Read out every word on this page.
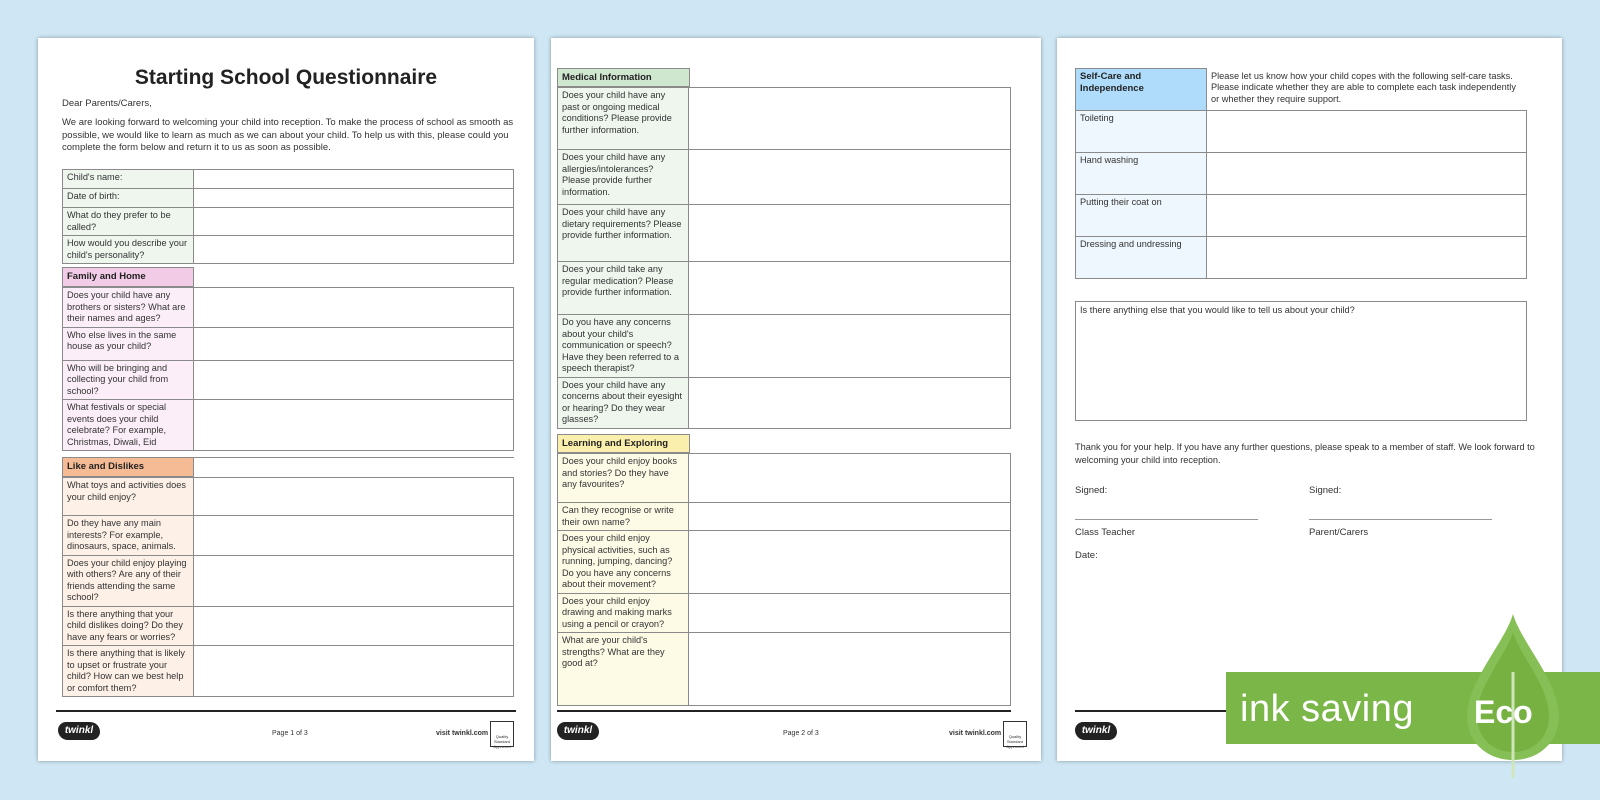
Starting School Questionnaire
Dear Parents/Carers,
We are looking forward to welcoming your child into reception. To make the process of school as smooth as possible, we would like to learn as much as we can about your child. To help us with this, please could you complete the form below and return it to us as soon as possible.
Child's name:	
Date of birth:	
What do they prefer to be called?	
How would you describe your child's personality?	
Family and Home
Does your child have any brothers or sisters? What are their names and ages?	
Who else lives in the same house as your child?	
Who will be bringing and collecting your child from school?	
What festivals or special events does your child celebrate? For example, Christmas, Diwali, Eid	
Like and Dislikes
What toys and activities does your child enjoy?	
Do they have any main interests? For example, dinosaurs, space, animals.	
Does your child enjoy playing with others? Are any of their friends attending the same school?	
Is there anything that your child dislikes doing? Do they have any fears or worries?	
Is there anything that is likely to upset or frustrate your child? How can we best help or comfort them?	
twinkl	Page 1 of 3	visit twinkl.com	Quality Standard Approved
Medical Information
Does your child have any past or ongoing medical conditions? Please provide further information.	
Does your child have any allergies/intolerances? Please provide further information.	
Does your child have any dietary requirements? Please provide further information.	
Does your child take any regular medication? Please provide further information.	
Do you have any concerns about your child's communication or speech? Have they been referred to a speech therapist?	
Does your child have any concerns about their eyesight or hearing? Do they wear glasses?	
Learning and Exploring
Does your child enjoy books and stories? Do they have any favourites?	
Can they recognise or write their own name?	
Does your child enjoy physical activities, such as running, jumping, dancing? Do you have any concerns about their movement?	
Does your child enjoy drawing and making marks using a pencil or crayon?	
What are your child's strengths? What are they good at?	
twinkl	Page 2 of 3	visit twinkl.com	Quality Standard Approved
Self-Care and Independence	Please let us know how your child copes with the following self-care tasks. Please indicate whether they are able to complete each task independently or whether they require support.
Toileting	
Hand washing	
Putting their coat on	
Dressing and undressing	
Is there anything else that you would like to tell us about your child?
Thank you for your help. If you have any further questions, please speak to a member of staff. We look forward to welcoming your child into reception.
Signed:	Signed:
Class Teacher	Parent/Carers
Date:
twinkl
ink saving Eco
